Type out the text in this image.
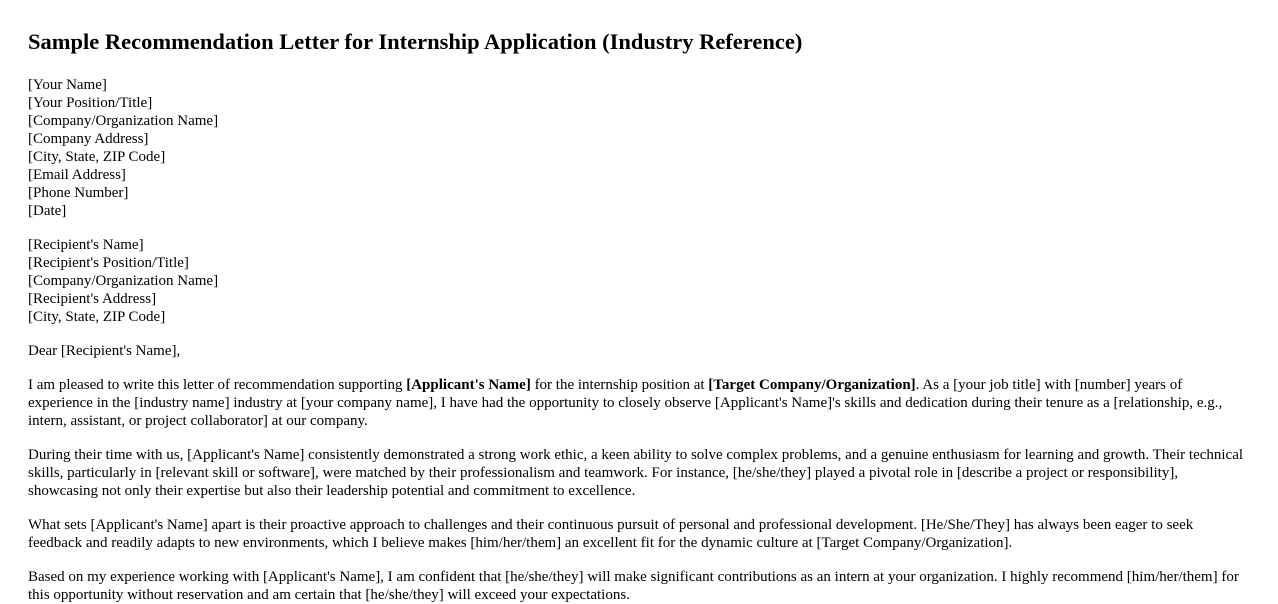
Sample Recommendation Letter for Internship Application (Industry Reference)
[Your Name]
[Your Position/Title]
[Company/Organization Name]
[Company Address]
[City, State, ZIP Code]
[Email Address]
[Phone Number]
[Date]
[Recipient's Name]
[Recipient's Position/Title]
[Company/Organization Name]
[Recipient's Address]
[City, State, ZIP Code]

Dear [Recipient's Name],

I am pleased to write this letter of recommendation supporting [Applicant's Name] for the internship position at [Target Company/Organization]. As a [your job title] with [number] years of experience in the [industry name] industry at [your company name], I have had the opportunity to closely observe [Applicant's Name]'s skills and dedication during their tenure as a [relationship, e.g., intern, assistant, or project collaborator] at our company.

During their time with us, [Applicant's Name] consistently demonstrated a strong work ethic, a keen ability to solve complex problems, and a genuine enthusiasm for learning and growth. Their technical skills, particularly in [relevant skill or software], were matched by their professionalism and teamwork. For instance, [he/she/they] played a pivotal role in [describe a project or responsibility], showcasing not only their expertise but also their leadership potential and commitment to excellence.

What sets [Applicant's Name] apart is their proactive approach to challenges and their continuous pursuit of personal and professional development. [He/She/They] has always been eager to seek feedback and readily adapts to new environments, which I believe makes [him/her/them] an excellent fit for the dynamic culture at [Target Company/Organization].

Based on my experience working with [Applicant's Name], I am confident that [he/she/they] will make significant contributions as an intern at your organization. I highly recommend [him/her/them] for this opportunity without reservation and am certain that [he/she/they] will exceed your expectations.
